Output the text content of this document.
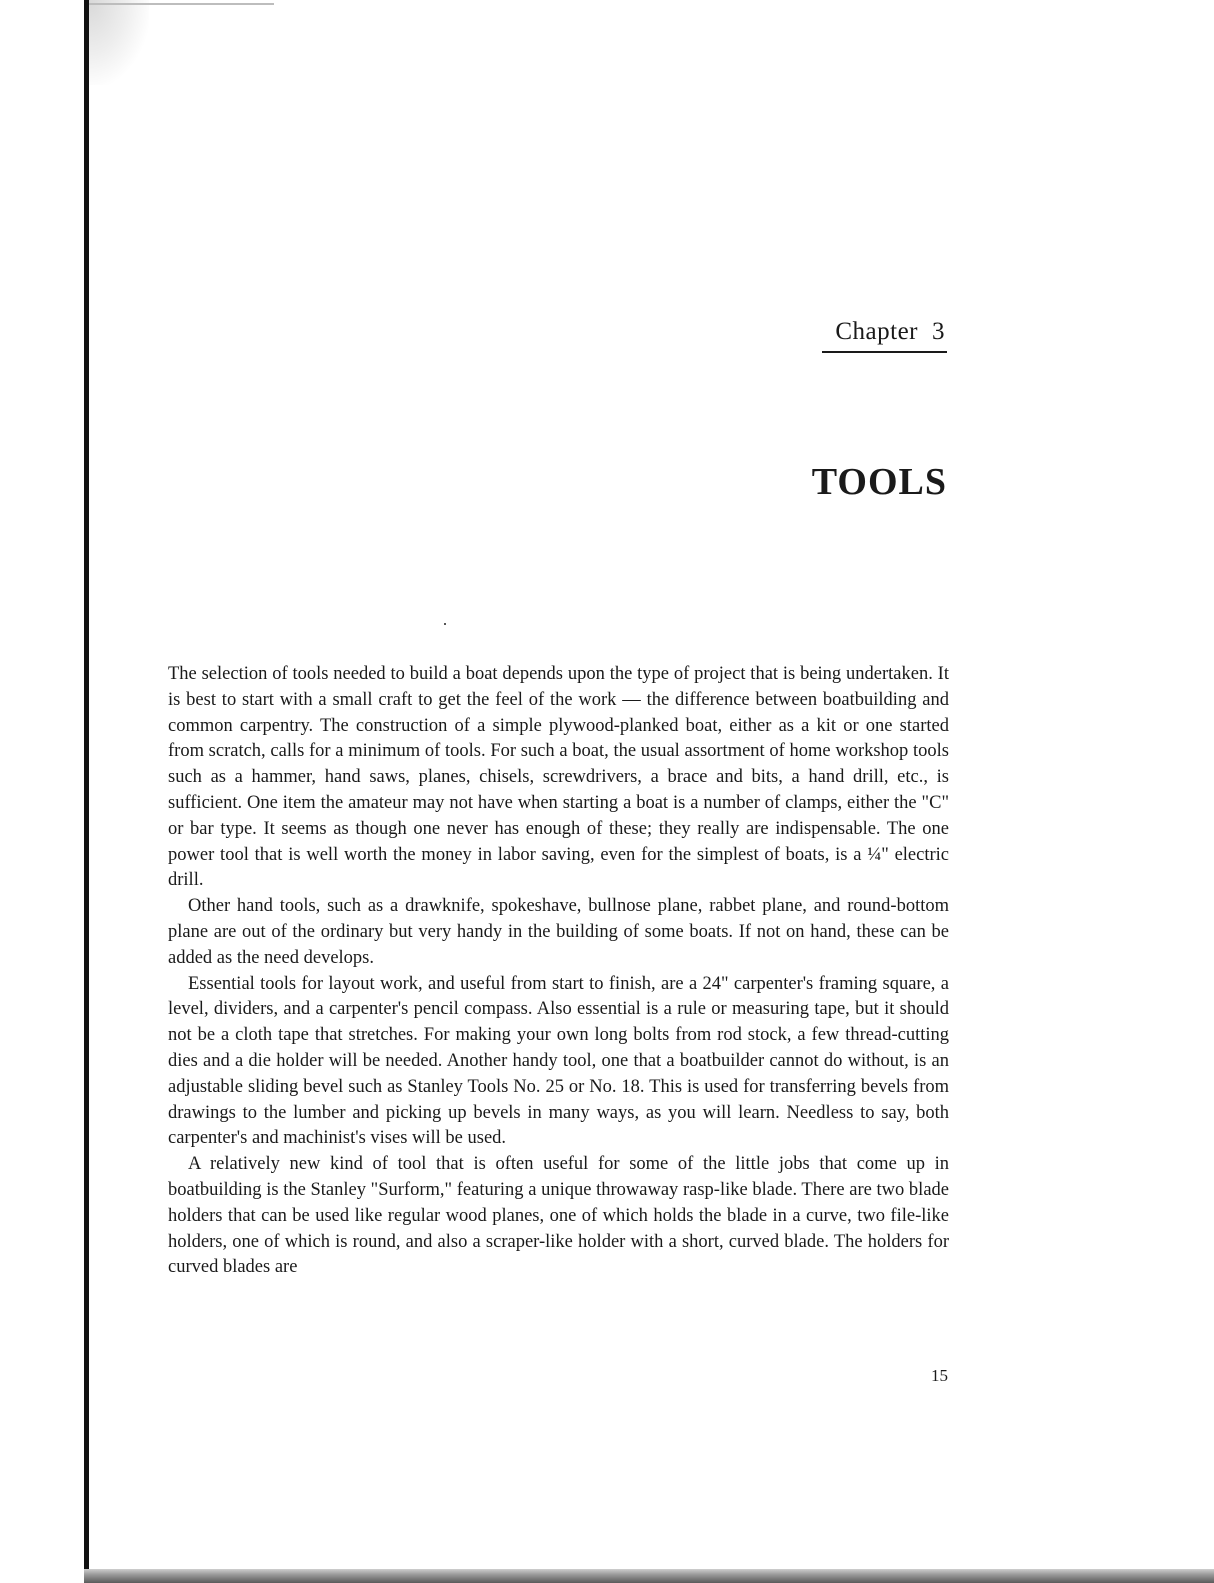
Chapter 3
TOOLS

The selection of tools needed to build a boat depends upon the type of project that is being undertaken. It is best to start with a small craft to get the feel of the work — the difference between boatbuilding and common carpentry. The construction of a simple plywood-planked boat, either as a kit or one started from scratch, calls for a minimum of tools. For such a boat, the usual assortment of home workshop tools such as a hammer, hand saws, planes, chisels, screwdrivers, a brace and bits, a hand drill, etc., is sufficient. One item the amateur may not have when starting a boat is a number of clamps, either the "C" or bar type. It seems as though one never has enough of these; they really are indispensable. The one power tool that is well worth the money in labor saving, even for the simplest of boats, is a ¼" electric drill.

Other hand tools, such as a drawknife, spokeshave, bullnose plane, rabbet plane, and round-bottom plane are out of the ordinary but very handy in the building of some boats. If not on hand, these can be added as the need develops.

Essential tools for layout work, and useful from start to finish, are a 24" carpenter's framing square, a level, dividers, and a carpenter's pencil compass. Also essential is a rule or measuring tape, but it should not be a cloth tape that stretches. For making your own long bolts from rod stock, a few thread-cutting dies and a die holder will be needed. Another handy tool, one that a boatbuilder cannot do without, is an adjustable sliding bevel such as Stanley Tools No. 25 or No. 18. This is used for transferring bevels from drawings to the lumber and picking up bevels in many ways, as you will learn. Needless to say, both carpenter's and machinist's vises will be used.

A relatively new kind of tool that is often useful for some of the little jobs that come up in boatbuilding is the Stanley "Surform," featuring a unique throwaway rasp-like blade. There are two blade holders that can be used like regular wood planes, one of which holds the blade in a curve, two file-like holders, one of which is round, and also a scraper-like holder with a short, curved blade. The holders for curved blades are

15
